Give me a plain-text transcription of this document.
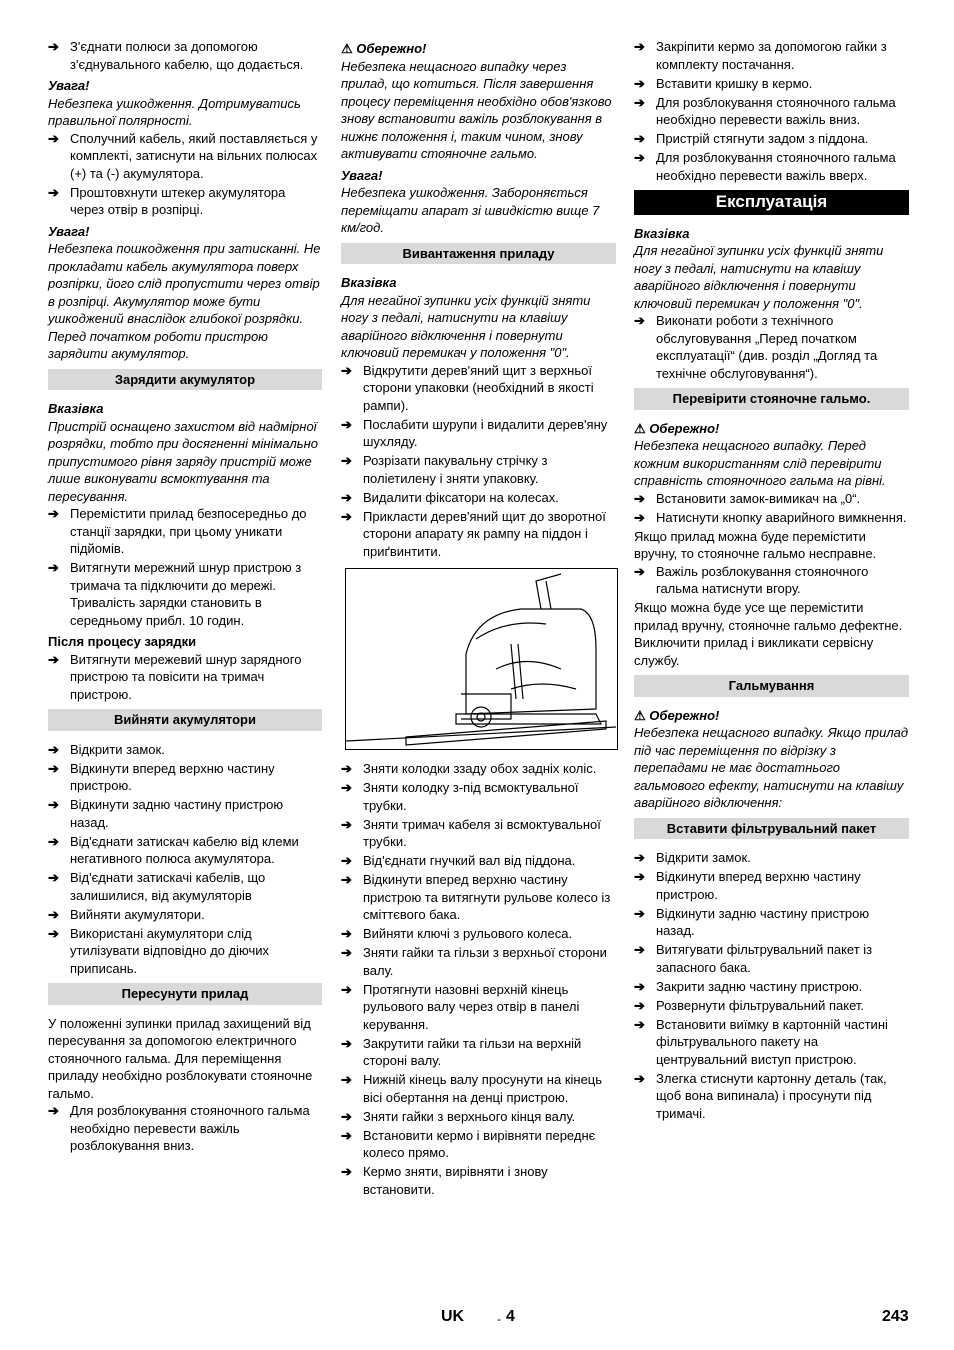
➔ З'єднати полюси за допомогою з'єднувального кабелю, що додається.

Увага!

Небезпека ушкодження. Дотримуватись правильної полярності.

➔ Сполучний кабель, який поставляється у комплекті, затиснути на вільних полюсах (+) та (-) акумулятора.
➔ Проштовхнути штекер акумулятора через отвір в розпірці.

Увага!

Небезпека пошкодження при затисканні. Не прокладати кабель акумулятора поверх розпірки, його слід пропустити через отвір в розпірці. Акумулятор може бути ушкоджений внаслідок глибокої розрядки. Перед початком роботи пристрою зарядити акумулятор.

Зарядити акумулятор

Вказівка

Пристрій оснащено захистом від надмірної розрядки, тобто при досягненні мінімально припустимого рівня заряду пристрій може лише виконувати всмоктування та пересування.

➔ Перемістити прилад безпосередньо до станції зарядки, при цьому уникати підйомів.
➔ Витягнути мережний шнур пристрою з тримача та підключити до мережі. Тривалість зарядки становить в середньому прибл. 10 годин.

Після процесу зарядки

➔ Витягнути мережевий шнур зарядного пристрою та повісити на тримач пристрою.
Вийняти акумулятори
➔ Відкрити замок.
➔ Відкинути вперед верхню частину пристрою.
➔ Відкинути задню частину пристрою назад.
➔ Від'єднати затискач кабелю від клеми негативного полюса акумулятора.
➔ Від'єднати затискачі кабелів, що залишилися, від акумуляторів
➔ Вийняти акумулятори.
➔ Використані акумулятори слід утилізувати відповідно до діючих приписань.
Пересунути прилад

У положенні зупинки прилад захищений від пересування за допомогою електричного стояночного гальма. Для переміщення приладу необхідно розблокувати стояночне гальмо.

➔ Для розблокування стояночного гальма необхідно перевести важіль розблокування вниз.

⚠ Обережно!

Небезпека нещасного випадку через прилад, що котиться. Після завершення процесу переміщення необхідно обов'язково знову встановити важіль розблокування в нижнє положення і, таким чином, знову активувати стояночне гальмо.

Увага!

Небезпека ушкодження. Забороняється переміщати апарат зі швидкістю вище 7 км/год.

Вивантаження приладу

Вказівка

Для негайної зупинки усіх функцій зняти ногу з педалі, натиснути на клавішу аварійного відключення і повернути ключовий перемикач у положення "0".

➔ Відкрутити дерев'яний щит з верхньої сторони упаковки (необхідний в якості рампи).
➔ Послабити шурупи і видалити дерев'яну шухляду.
➔ Розрізати пакувальну стрічку з поліетилену і зняти упаковку.
➔ Видалити фіксатори на колесах.
➔ Прикласти дерев'яний щит до зворотної сторони апарату як рампу на піддон і приґвинтити.
➔ Зняти колодки ззаду обох задніх коліс.
➔ Зняти колодку з-під всмоктувальної трубки.
➔ Зняти тримач кабеля зі всмоктувальної трубки.
➔ Від'єднати гнучкий вал від піддона.
➔ Відкинути вперед верхню частину пристрою та витягнути рульове колесо із сміттєвого бака.
➔ Вийняти ключі з рульового колеса.
➔ Зняти гайки та гільзи з верхньої сторони валу.
➔ Протягнути назовні верхній кінець рульового валу через отвір в панелі керування.
➔ Закрутити гайки та гільзи на верхній стороні валу.
➔ Нижній кінець валу просунути на кінець вісі обертання на денці пристрою.
➔ Зняти гайки з верхнього кінця валу.
➔ Встановити кермо і вирівняти переднє колесо прямо.
➔ Кермо зняти, вирівняти і знову встановити.
➔ Закріпити кермо за допомогою гайки з комплекту постачання.
➔ Вставити кришку в кермо.
➔ Для розблокування стояночного гальма необхідно перевести важіль вниз.
➔ Пристрій стягнути задом з піддона.
➔ Для розблокування стояночного гальма необхідно перевести важіль вверх.
Експлуатація

Вказівка

Для негайної зупинки усіх функцій зняти ногу з педалі, натиснути на клавішу аварійного відключення і повернути ключовий перемикач у положення "0".

➔ Виконати роботи з технічного обслуговування „Перед початком експлуатації“ (див. розділ „Догляд та технічне обслуговування“).
Перевірити стояночне гальмо.

⚠ Обережно!

Небезпека нещасного випадку. Перед кожним використанням слід перевірити справність стояночного гальма на рівні.

➔ Встановити замок-вимикач на „0“.
➔ Натиснути кнопку аварийного вимкнення.

Якщо прилад можна буде перемістити вручну, то стояночне гальмо несправне.

➔ Важіль розблокування стояночного гальма натиснути вгору.

Якщо можна буде усе ще перемістити прилад вручну, стояночне гальмо дефектне. Виключити прилад і викликати сервісну службу.

Гальмування

⚠ Обережно!

Небезпека нещасного випадку. Якщо прилад під час переміщення по відрізку з перепадами не має достатнього гальмового ефекту, натиснути на клавішу аварійного відключення:

Вставити фільтрувальний пакет
➔ Відкрити замок.
➔ Відкинути вперед верхню частину пристрою.
➔ Відкинути задню частину пристрою назад.
➔ Витягувати фільтрувальний пакет із запасного бака.
➔ Закрити задню частину пристрою.
➔ Розвернути фільтрувальний пакет.
➔ Встановити виїмку в картонній частині фільтрувального пакету на центрувальний виступ пристрою.
➔ Злегка стиснути картонну деталь (так, щоб вона випинала) і просунути під тримачі.
UK	- 4	243
